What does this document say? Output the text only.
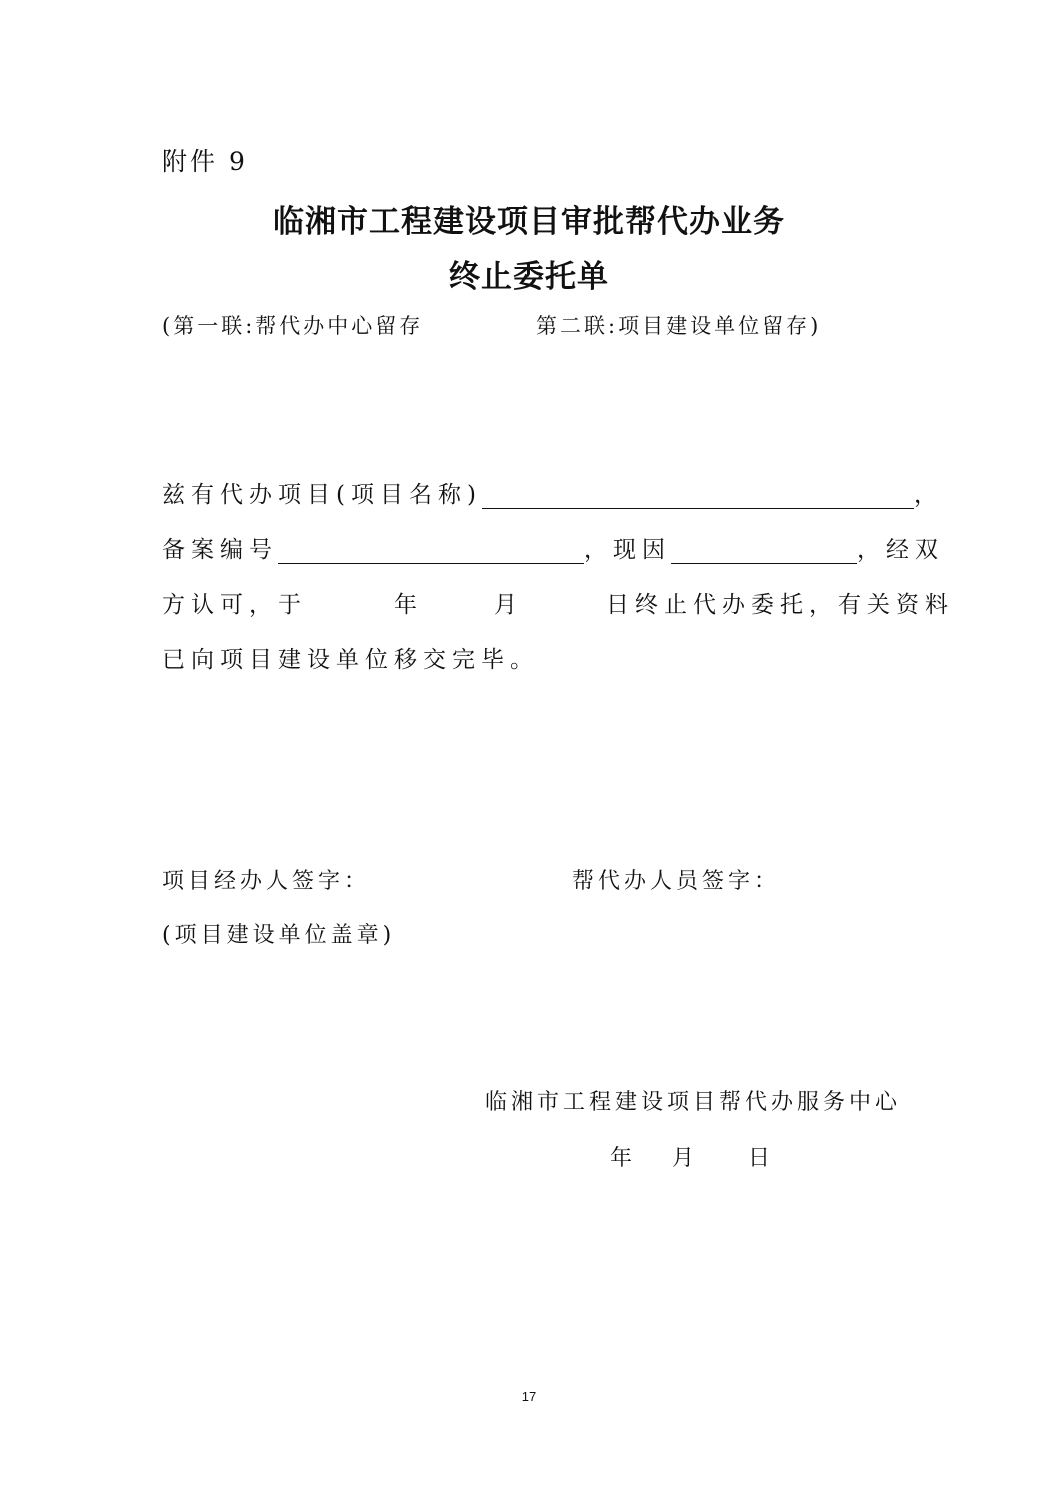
附件 9
临湘市工程建设项目审批帮代办业务
终止委托单
(第一联:帮代办中心留存	第二联:项目建设单位留存)
兹有代办项目(项目名称)	，
备案编号	，现因	，经双
方认可，于	年	月	日终止代办委托，有关资料
已向项目建设单位移交完毕。
项目经办人签字：	帮代办人员签字：
(项目建设单位盖章)
临湘市工程建设项目帮代办服务中心
年 月 日
17
